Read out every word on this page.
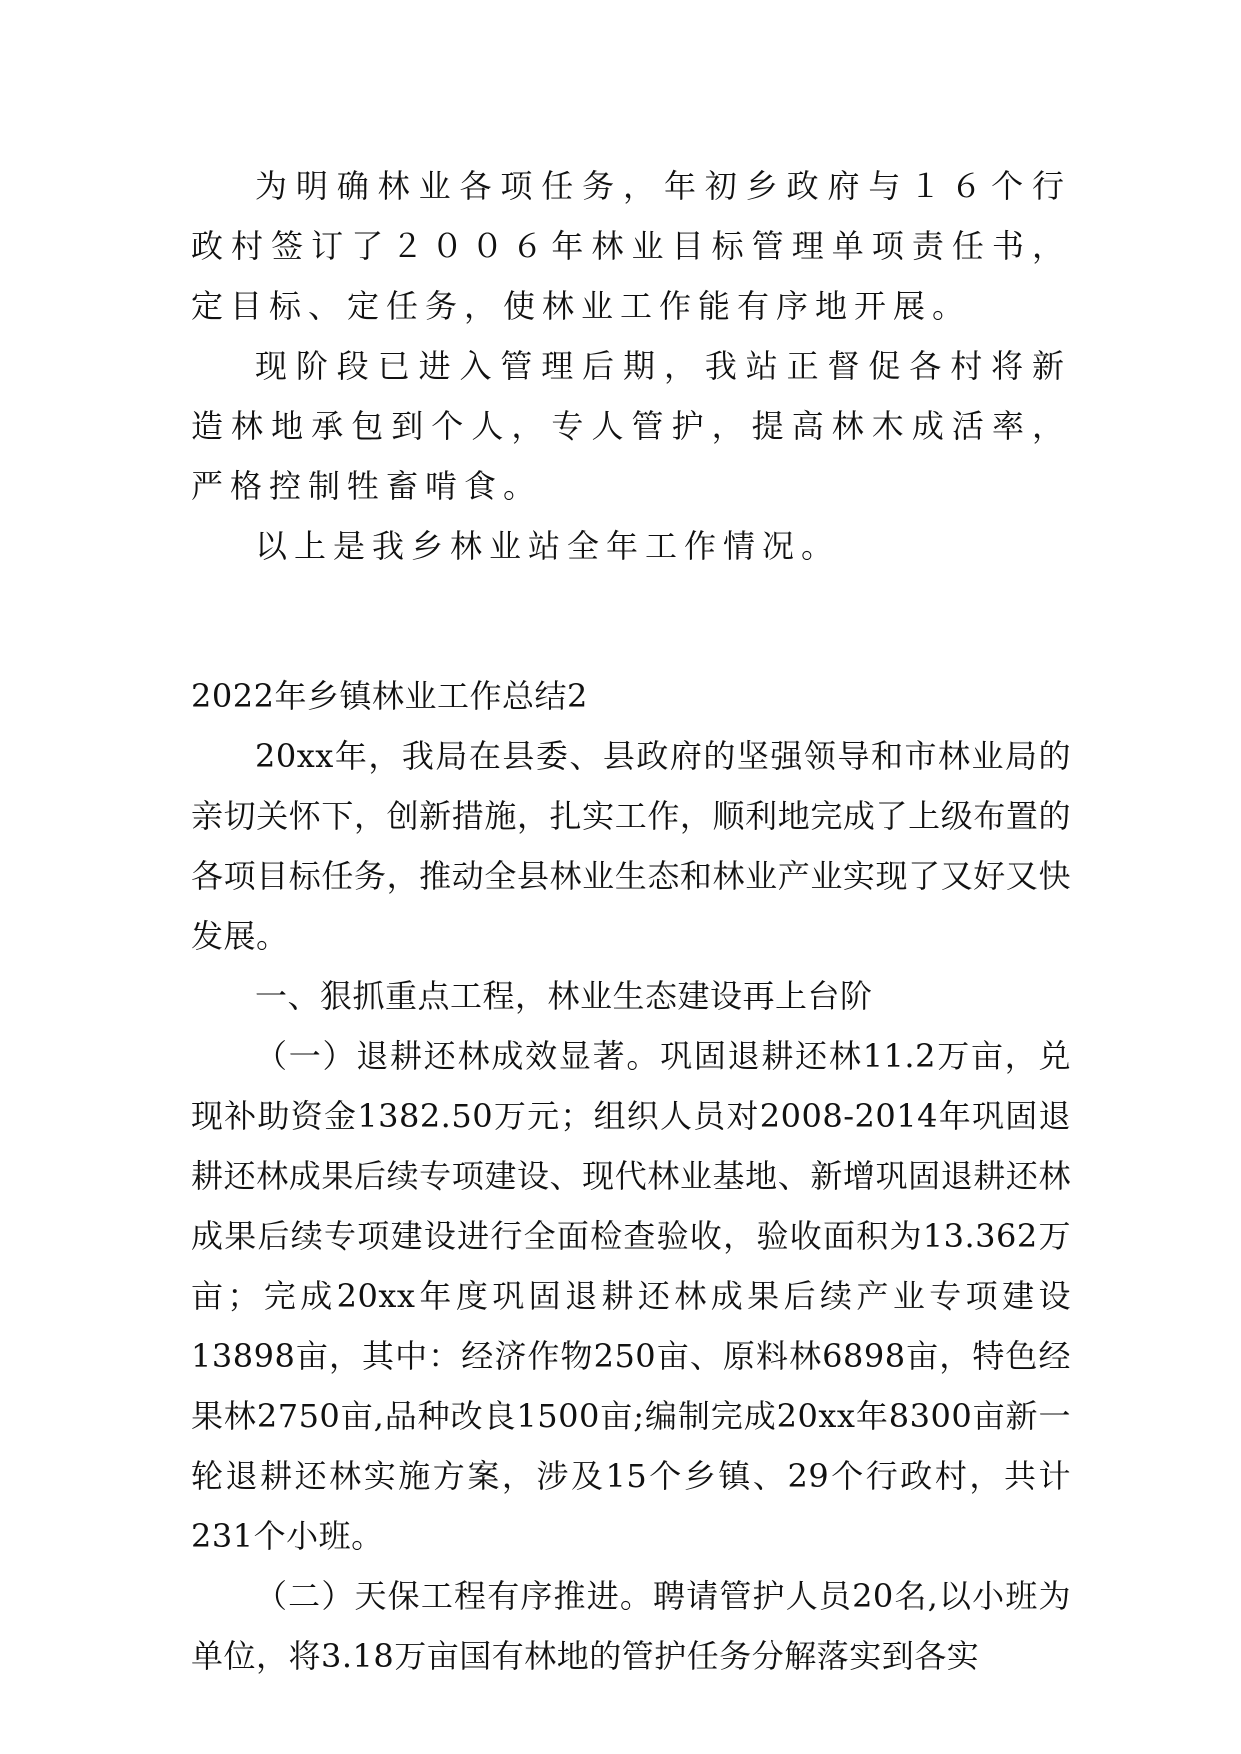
为明确林业各项任务，年初乡政府与１６个行政村签订了２００６年林业目标管理单项责任书，定目标、定任务，使林业工作能有序地开展。

现阶段已进入管理后期，我站正督促各村将新造林地承包到个人，专人管护，提高林木成活率，严格控制牲畜啃食。

以上是我乡林业站全年工作情况。

2022年乡镇林业工作总结2

20xx年，我局在县委、县政府的坚强领导和市林业局的亲切关怀下，创新措施，扎实工作，顺利地完成了上级布置的各项目标任务，推动全县林业生态和林业产业实现了又好又快发展。

一、狠抓重点工程，林业生态建设再上台阶

（一）退耕还林成效显著。巩固退耕还林11.2万亩，兑现补助资金1382.50万元；组织人员对2008-2014年巩固退耕还林成果后续专项建设、现代林业基地、新增巩固退耕还林成果后续专项建设进行全面检查验收，验收面积为13.362万亩；完成20xx年度巩固退耕还林成果后续产业专项建设13898亩，其中：经济作物250亩、原料林6898亩，特色经果林2750亩,品种改良1500亩;编制完成20xx年8300亩新一轮退耕还林实施方案，涉及15个乡镇、29个行政村，共计231个小班。

（二）天保工程有序推进。聘请管护人员20名,以小班为单位，将3.18万亩国有林地的管护任务分解落实到各实
